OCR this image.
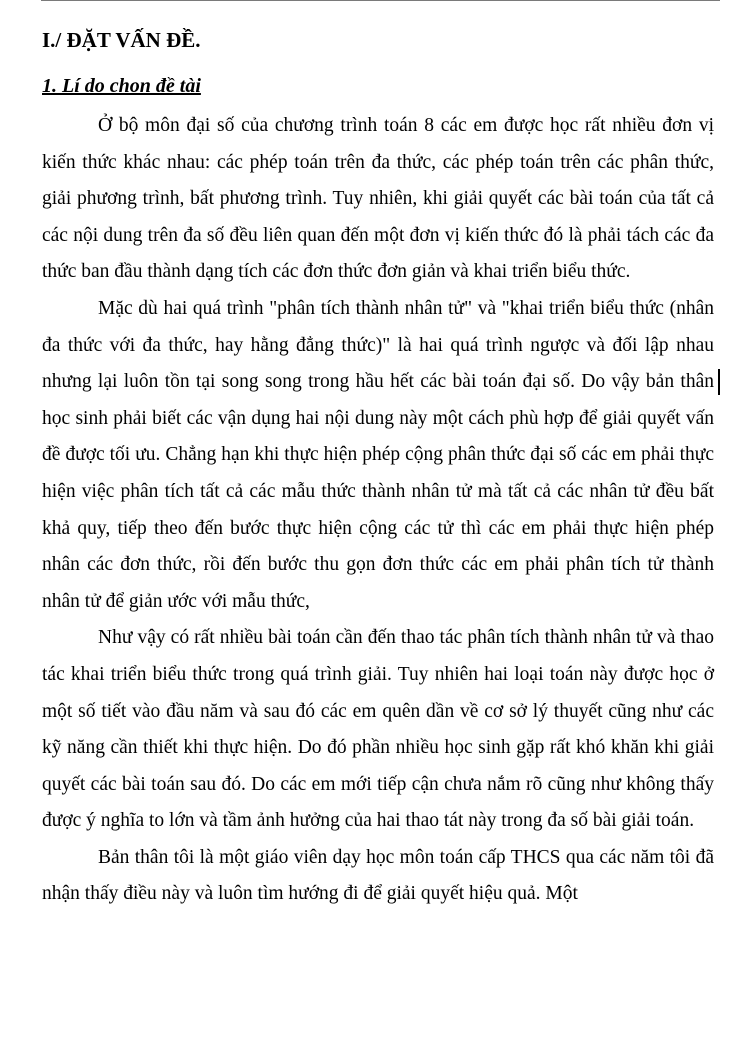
I./ ĐẶT VẤN ĐỀ.
1. Lí do chon đề tài

Ở bộ môn đại số của chương trình toán 8 các em được học rất nhiều đơn vị kiến thức khác nhau: các phép toán trên đa thức, các phép toán trên các phân thức, giải phương trình, bất phương trình. Tuy nhiên, khi giải quyết các bài toán của tất cả các nội dung trên đa số đều liên quan đến một đơn vị kiến thức đó là phải tách các đa thức ban đầu thành dạng tích các đơn thức đơn giản và khai triển biểu thức.

Mặc dù hai quá trình "phân tích thành nhân tử" và "khai triển biểu thức (nhân đa thức với đa thức, hay hằng đẳng thức)" là hai quá trình ngược và đối lập nhau nhưng lại luôn tồn tại song song trong hầu hết các bài toán đại số. Do vậy bản thân học sinh phải biết các vận dụng hai nội dung này một cách phù hợp để giải quyết vấn đề được tối ưu. Chẳng hạn khi thực hiện phép cộng phân thức đại số các em phải thực hiện việc phân tích tất cả các mẫu thức thành nhân tử mà tất cả các nhân tử đều bất khả quy, tiếp theo đến bước thực hiện cộng các tử thì các em phải thực hiện phép nhân các đơn thức, rồi đến bước thu gọn đơn thức các em phải phân tích tử thành nhân tử để giản ước với mẫu thức,

Như vậy có rất nhiều bài toán cần đến thao tác phân tích thành nhân tử và thao tác khai triển biểu thức trong quá trình giải. Tuy nhiên hai loại toán này được học ở một số tiết vào đầu năm và sau đó các em quên dần về cơ sở lý thuyết cũng như các kỹ năng cần thiết khi thực hiện. Do đó phần nhiều học sinh gặp rất khó khăn khi giải quyết các bài toán sau đó. Do các em mới tiếp cận chưa nắm rõ cũng như không thấy được ý nghĩa to lớn và tầm ảnh hưởng của hai thao tát này trong đa số bài giải toán.

Bản thân tôi là một giáo viên dạy học môn toán cấp THCS qua các năm tôi đã nhận thấy điều này và luôn tìm hướng đi để giải quyết hiệu quả. Một
